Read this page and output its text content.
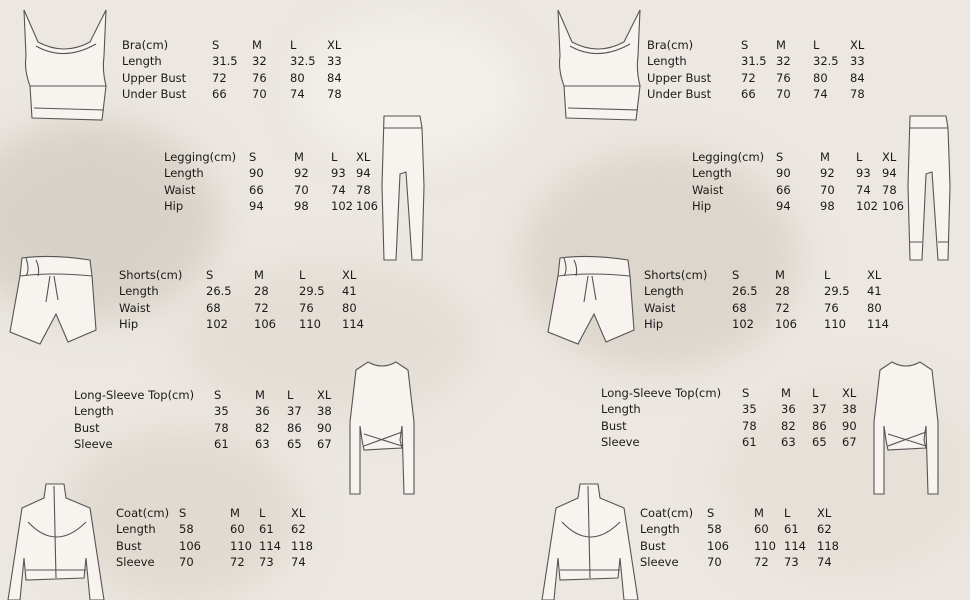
Bra(cm)	S	M L	XL
Length	31.5 32 32.5 33
Upper Bust 72 76 80 84
Under Bust 66 70 74 78
Legging(cm) S	M L XL
Length	90	92 93 94
Waist	66	70 74 78
Hip	94	98 102 106
Shorts(cm) S	M	L	XL
Length	26.5 28	29.5 41
Waist	68	72	76 80
Hip	102 106 110 114
Long-Sleeve Top(cm) S	M L XL
Length	35 36 37 38
Bust	78 82 86 90
Sleeve	61 63 65 67
Coat(cm) S	M L XL
Length 58	60 61 62
Bust	106	110 114 118
Sleeve 70	72 73 74
Bra(cm)	S M L	XL
Length	31.5 32 32.5 33
Upper Bust	72 76 80 84
Under Bust	66 70 74 78
Legging(cm) S	M L XL
Length	90	92 93 94
Waist	66	70 74 78
Hip	94	98 102 106
Shorts(cm) S	M	L	XL
Length	26.5 28	29.5 41
Waist	68 72	76 80
Hip	102 106 110 114
Long-Sleeve Top(cm) S	M L XL
Length	35 36 37 38
Bust	78 82 86 90
Sleeve	61 63 65 67
Coat(cm) S	M L XL
Length 58	60 61 62
Bust	106 110 114 118
Sleeve 70	72 73 74
